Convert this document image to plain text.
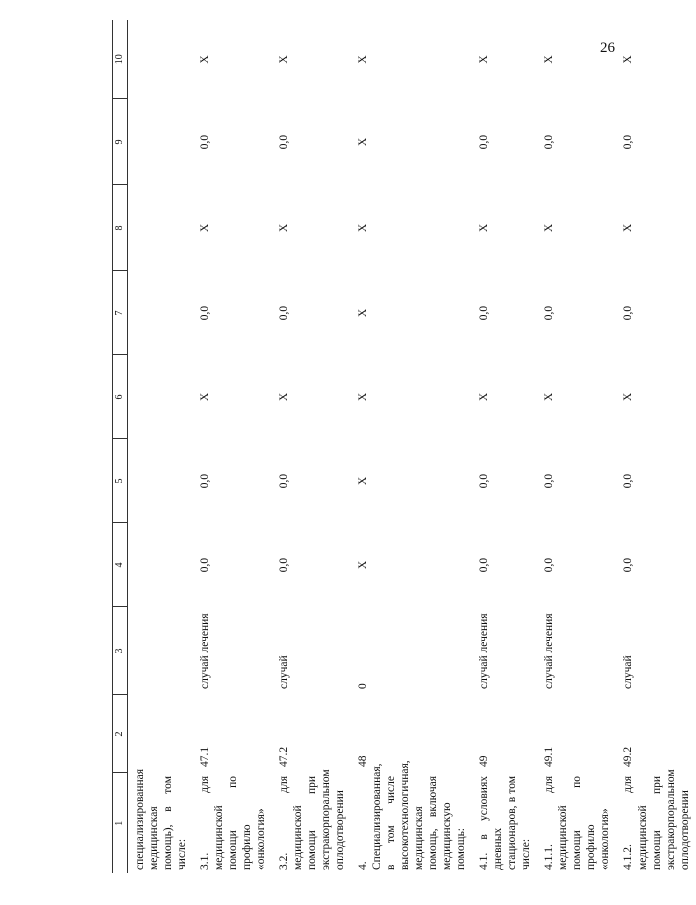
26
1	2	3	4	5	6	7	8	9	10
специализированная медицинская помощь), в том числе:									
3.1. для медицинской помощи по профилю «онкология»	47.1	случай лечения	0,0	0,0	X	0,0	X	0,0	X
3.2. для медицинской помощи при экстракорпоральном оплодотворении	47.2	случай	0,0	0,0	X	0,0	X	0,0	X
4. Специализированная, в том числе высокотехнологичная, медицинская помощь, включая медицинскую помощь:	48	0	X	X	X	X	X	X	X
4.1. в условиях дневных стационаров, в том числе:	49	случай лечения	0,0	0,0	X	0,0	X	0,0	X
4.1.1. для медицинской помощи по профилю «онкология»	49.1	случай лечения	0,0	0,0	X	0,0	X	0,0	X
4.1.2. для медицинской помощи при экстракорпоральном оплодотворении	49.2	случай	0,0	0,0	X	0,0	X	0,0	X
